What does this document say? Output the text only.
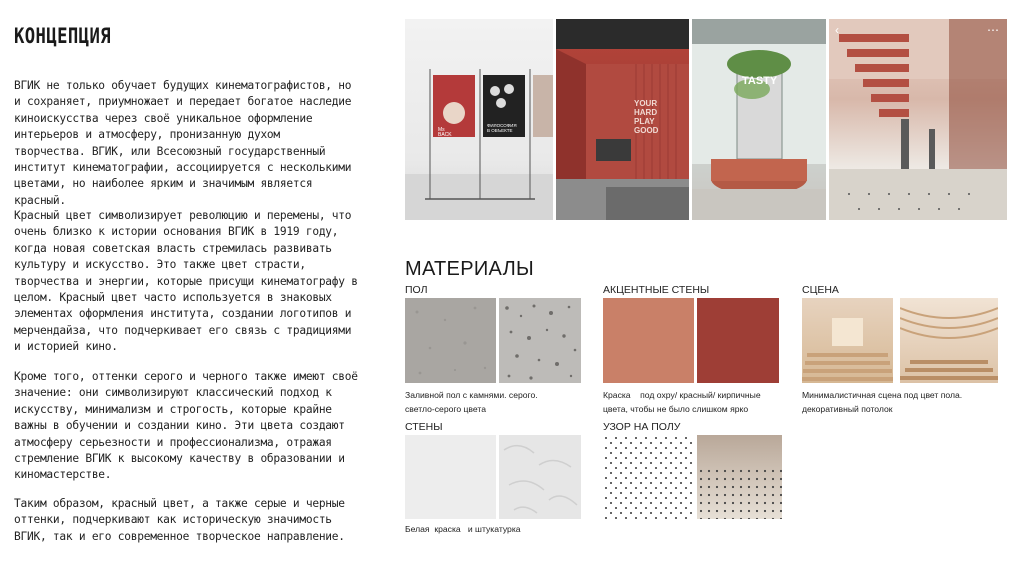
КОНЦЕПЦИЯ
ВГИК не только обучает будущих кинематографистов, но
и сохраняет, приумножает и передает богатое наследие
киноискусства через своё уникальное оформление
интерьеров и атмосферу, пронизанную духом
творчества. ВГИК, или Всесоюзный государственный
институт кинематографии, ассоциируется с несколькими
цветами, но наиболее ярким и значимым является
красный.
Красный цвет символизирует революцию и перемены, что
очень близко к истории основания ВГИК в 1919 году,
когда новая советская власть стремилась развивать
культуру и искусство. Это также цвет страсти,
творчества и энергии, которые присущи кинематографу в
целом. Красный цвет часто используется в знаковых
элементах оформления института, создании логотипов и
мерчендайза, что подчеркивает его связь с традициями
и историей кино.
Кроме того, оттенки серого и черного также имеют своё
значение: они символизируют классический подход к
искусству, минимализм и строгость, которые крайне
важны в обучении и создании кино. Эти цвета создают
атмосферу серьезности и профессионализма, отражая
стремление ВГИК к высокому качеству в образовании и
киномастерстве.
Таким образом, красный цвет, а также серые и черные
оттенки, подчеркивают как историческую значимость
ВГИК, так и его современное творческое направление.
Ms
BACK
ФИЛОСОФИЯ
В ОБЪЕКТЕ
YOUR
HARD
PLAY
GOOD
TASTY
‹	⋯
МАТЕРИАЛЫ
ПОЛ
Заливной пол с камнями. серого.
светло-серого цвета
АКЦЕНТНЫЕ СТЕНЫ
Краска    под охру/ красный/ кирпичные
цвета, чтобы не было слишком ярко
СЦЕНА
Минималистичная сцена под цвет пола.
декоративный потолок
СТЕНЫ
Белая  краска   и штукатурка
УЗОР НА ПОЛУ
